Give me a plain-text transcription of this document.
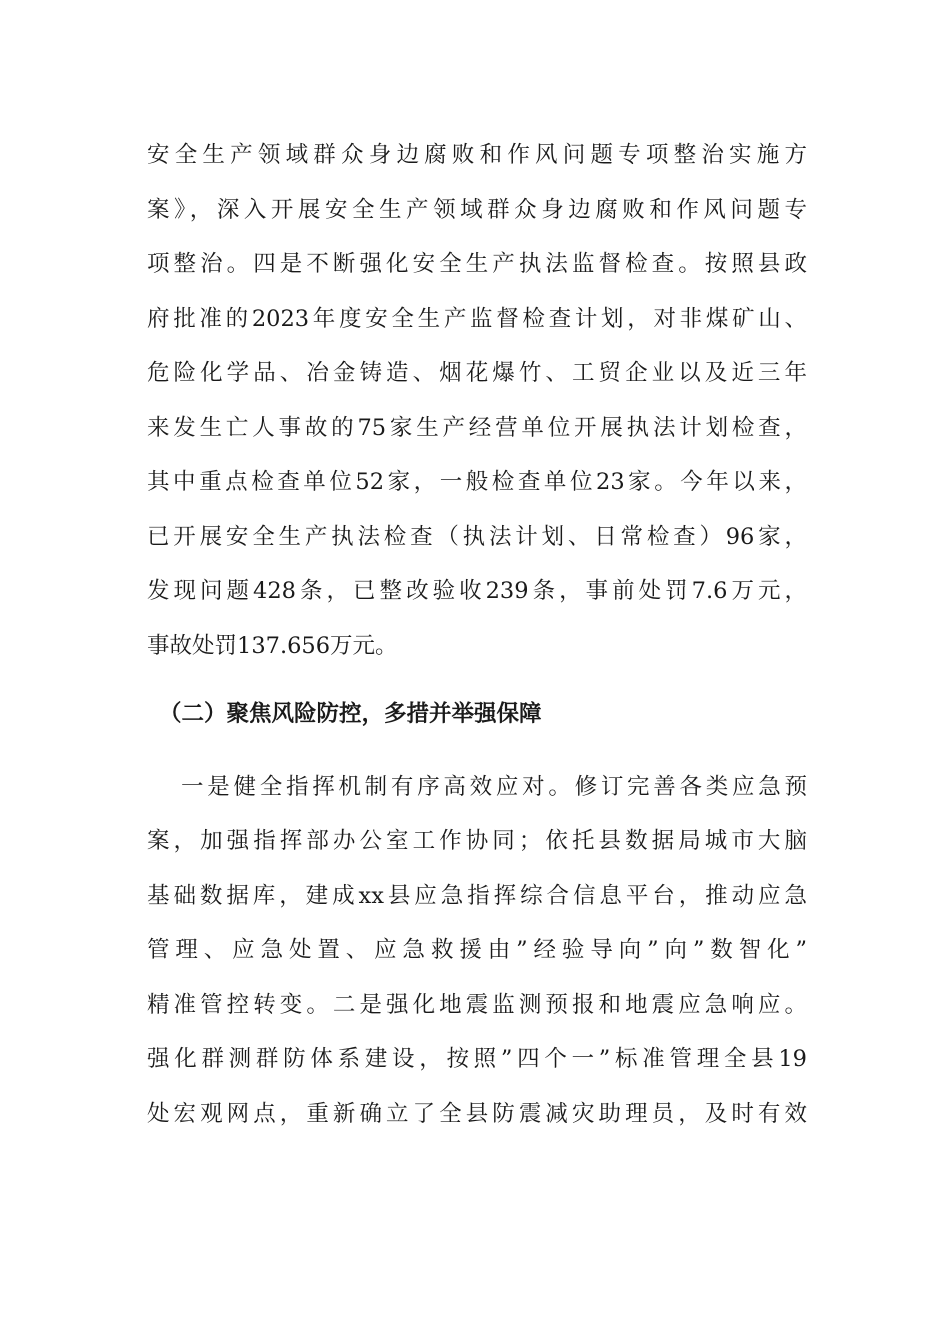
安全生产领域群众身边腐败和作风问题专项整治实施方
案》，深入开展安全生产领域群众身边腐败和作风问题专
项整治。四是不断强化安全生产执法监督检查。按照县政
府批准的2023年度安全生产监督检查计划，对非煤矿山、
危险化学品、冶金铸造、烟花爆竹、工贸企业以及近三年
来发生亡人事故的75家生产经营单位开展执法计划检查，
其中重点检查单位52家，一般检查单位23家。今年以来，
已开展安全生产执法检查（执法计划、日常检查）96家，
发现问题428条，已整改验收239条，事前处罚7.6万元，
事故处罚137.656万元。
（二）聚焦风险防控，多措并举强保障
一是健全指挥机制有序高效应对。修订完善各类应急预
案，加强指挥部办公室工作协同；依托县数据局城市大脑
基础数据库，建成xx县应急指挥综合信息平台，推动应急
管理、应急处置、应急救援由”经验导向”向”数智化”
精准管控转变。二是强化地震监测预报和地震应急响应。
强化群测群防体系建设，按照”四个一”标准管理全县19
处宏观网点，重新确立了全县防震减灾助理员，及时有效
